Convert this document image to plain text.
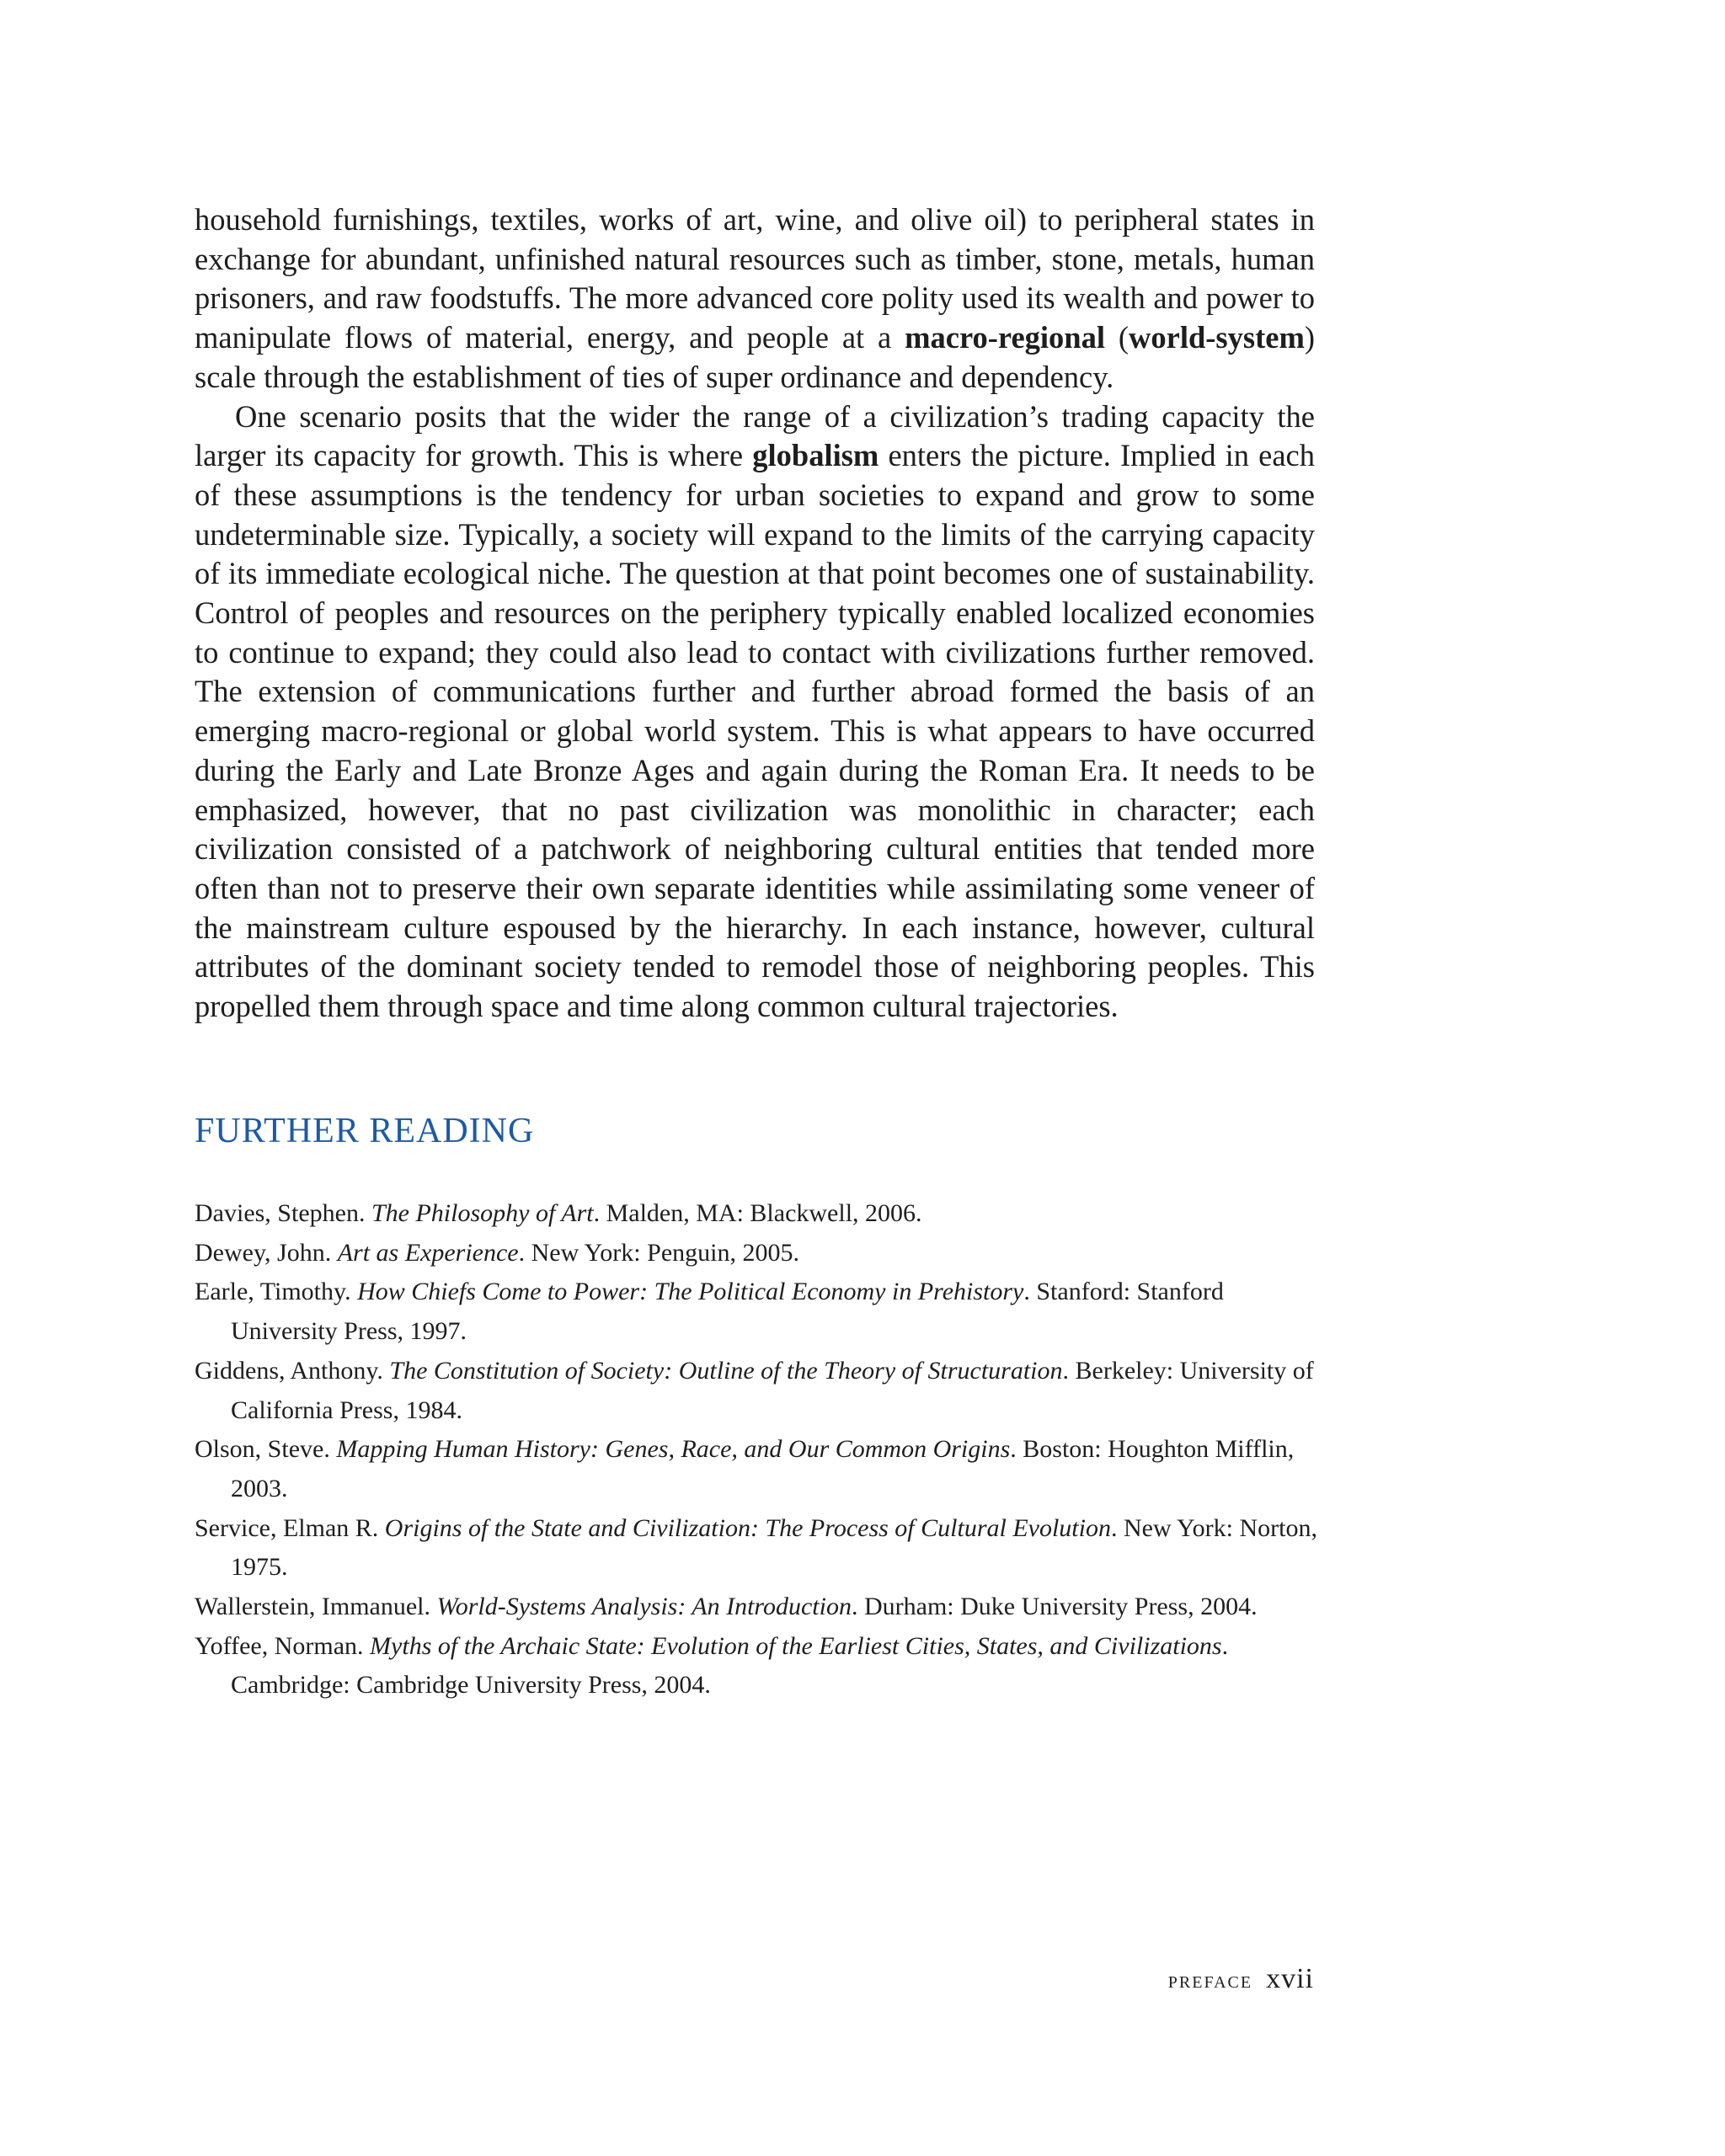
household furnishings, textiles, works of art, wine, and olive oil) to peripheral states in exchange for abundant, unfinished natural resources such as timber, stone, metals, human prisoners, and raw foodstuffs. The more advanced core polity used its wealth and power to manipulate flows of material, energy, and people at a macro-regional (world-system) scale through the establishment of ties of super ordinance and dependency.

One scenario posits that the wider the range of a civilization’s trading capacity the larger its capacity for growth. This is where globalism enters the picture. Implied in each of these assumptions is the tendency for urban societies to expand and grow to some undeterminable size. Typically, a society will expand to the limits of the carrying capacity of its immediate ecological niche. The question at that point becomes one of sustainability. Control of peoples and resources on the periphery typically enabled localized economies to continue to expand; they could also lead to contact with civilizations further removed. The extension of communications further and further abroad formed the basis of an emerging macro-regional or global world system. This is what appears to have occurred during the Early and Late Bronze Ages and again during the Roman Era. It needs to be emphasized, however, that no past civilization was monolithic in character; each civilization consisted of a patchwork of neighboring cultural entities that tended more often than not to preserve their own separate identities while assimilating some veneer of the mainstream culture espoused by the hierarchy. In each instance, however, cultural attributes of the dominant society tended to remodel those of neighboring peoples. This propelled them through space and time along common cultural trajectories.

FURTHER READING
Davies, Stephen. The Philosophy of Art. Malden, MA: Blackwell, 2006.
Dewey, John. Art as Experience. New York: Penguin, 2005.
Earle, Timothy. How Chiefs Come to Power: The Political Economy in Prehistory. Stanford: Stanford University Press, 1997.
Giddens, Anthony. The Constitution of Society: Outline of the Theory of Structuration. Berkeley: University of California Press, 1984.
Olson, Steve. Mapping Human History: Genes, Race, and Our Common Origins. Boston: Houghton Mifflin, 2003.
Service, Elman R. Origins of the State and Civilization: The Process of Cultural Evolution. New York: Norton, 1975.
Wallerstein, Immanuel. World-Systems Analysis: An Introduction. Durham: Duke University Press, 2004.
Yoffee, Norman. Myths of the Archaic State: Evolution of the Earliest Cities, States, and Civilizations. Cambridge: Cambridge University Press, 2004.
preface xvii
